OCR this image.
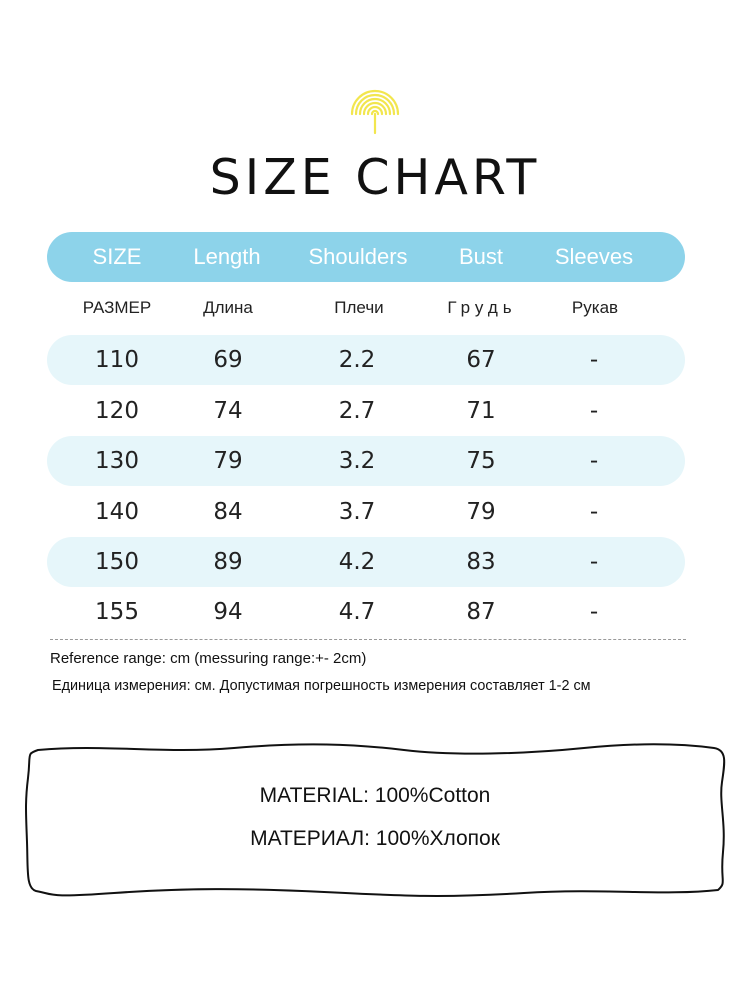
SIZE CHART
SIZE	Length	Shoulders	Bust	Sleeves
РАЗМЕР	Длина	Плечи	Грудь	Рукав
110	69	2.2	67	-
120	74	2.7	71	-
130	79	3.2	75	-
140	84	3.7	79	-
150	89	4.2	83	-
155	94	4.7	87	-
Reference range: cm (messuring range:+- 2cm)
Единица измерения: см. Допустимая погрешность измерения составляет 1-2 см
MATERIAL: 100%Cotton
МАТЕРИАЛ: 100%Хлопок
